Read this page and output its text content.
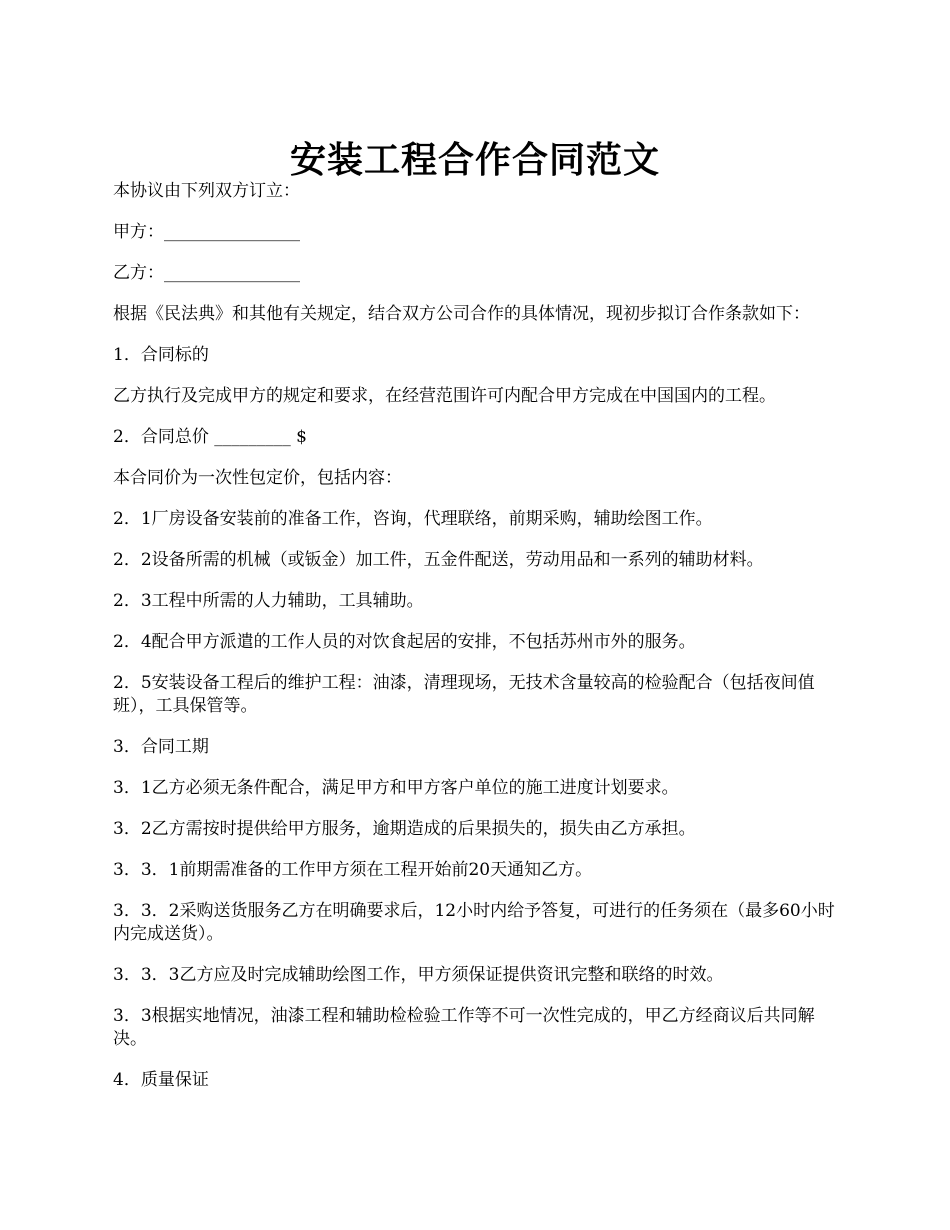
安装工程合作合同范文

本协议由下列双方订立：

甲方：________________

乙方：________________

根据《民法典》和其他有关规定，结合双方公司合作的具体情况，现初步拟订合作条款如下：

1．合同标的

乙方执行及完成甲方的规定和要求，在经营范围许可内配合甲方完成在中国国内的工程。

2．合同总价 _________ $

本合同价为一次性包定价，包括内容：

2．1厂房设备安装前的准备工作，咨询，代理联络，前期采购，辅助绘图工作。

2．2设备所需的机械（或钣金）加工件，五金件配送，劳动用品和一系列的辅助材料。

2．3工程中所需的人力辅助，工具辅助。

2．4配合甲方派遣的工作人员的对饮食起居的安排，不包括苏州市外的服务。

2．5安装设备工程后的维护工程：油漆，清理现场，无技术含量较高的检验配合（包括夜间值班），工具保管等。

3．合同工期

3．1乙方必须无条件配合，满足甲方和甲方客户单位的施工进度计划要求。

3．2乙方需按时提供给甲方服务，逾期造成的后果损失的，损失由乙方承担。

3．3．1前期需准备的工作甲方须在工程开始前20天通知乙方。

3．3．2采购送货服务乙方在明确要求后，12小时内给予答复，可进行的任务须在（最多60小时内完成送货）。

3．3．3乙方应及时完成辅助绘图工作，甲方须保证提供资讯完整和联络的时效。

3．3根据实地情况，油漆工程和辅助检检验工作等不可一次性完成的，甲乙方经商议后共同解决。

4．质量保证
